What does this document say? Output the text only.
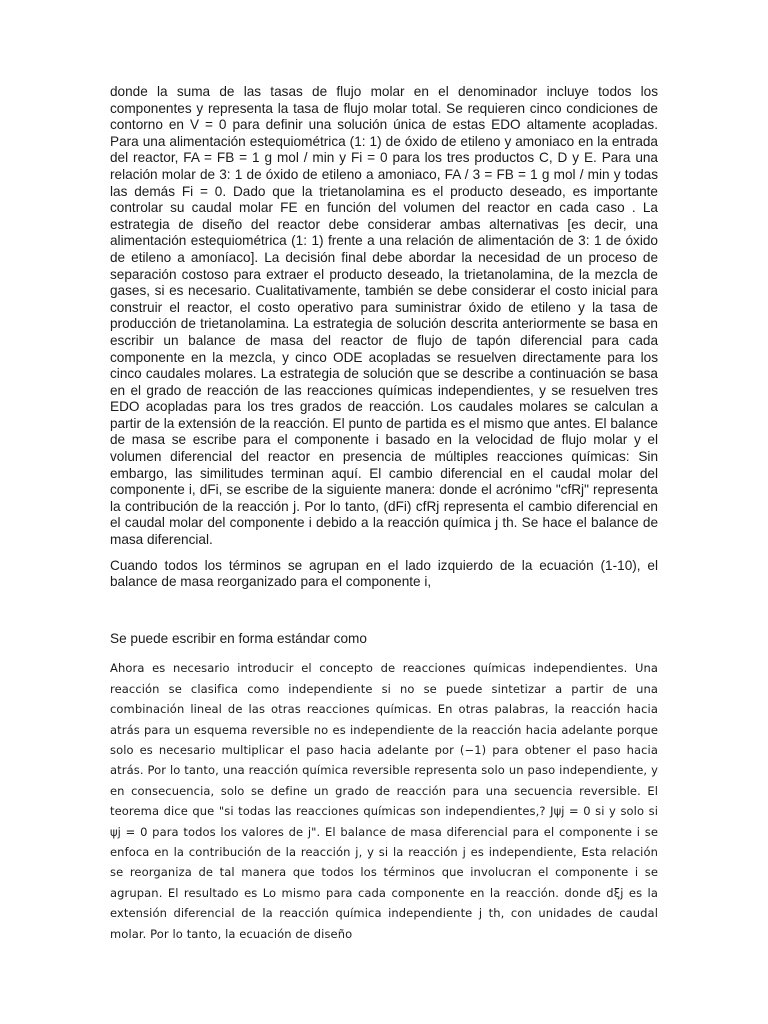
donde la suma de las tasas de flujo molar en el denominador incluye todos los componentes y representa la tasa de flujo molar total. Se requieren cinco condiciones de contorno en V = 0 para definir una solución única de estas EDO altamente acopladas. Para una alimentación estequiométrica (1: 1) de óxido de etileno y amoniaco en la entrada del reactor, FA = FB = 1 g mol / min y Fi = 0 para los tres productos C, D y E. Para una relación molar de 3: 1 de óxido de etileno a amoniaco, FA / 3 = FB = 1 g mol / min y todas las demás Fi = 0. Dado que la trietanolamina es el producto deseado, es importante controlar su caudal molar FE en función del volumen del reactor en cada caso . La estrategia de diseño del reactor debe considerar ambas alternativas [es decir, una alimentación estequiométrica (1: 1) frente a una relación de alimentación de 3: 1 de óxido de etileno a amoníaco]. La decisión final debe abordar la necesidad de un proceso de separación costoso para extraer el producto deseado, la trietanolamina, de la mezcla de gases, si es necesario. Cualitativamente, también se debe considerar el costo inicial para construir el reactor, el costo operativo para suministrar óxido de etileno y la tasa de producción de trietanolamina. La estrategia de solución descrita anteriormente se basa en escribir un balance de masa del reactor de flujo de tapón diferencial para cada componente en la mezcla, y cinco ODE acopladas se resuelven directamente para los cinco caudales molares. La estrategia de solución que se describe a continuación se basa en el grado de reacción de las reacciones químicas independientes, y se resuelven tres EDO acopladas para los tres grados de reacción. Los caudales molares se calculan a partir de la extensión de la reacción. El punto de partida es el mismo que antes. El balance de masa se escribe para el componente i basado en la velocidad de flujo molar y el volumen diferencial del reactor en presencia de múltiples reacciones químicas: Sin embargo, las similitudes terminan aquí. El cambio diferencial en el caudal molar del componente i, dFi, se escribe de la siguiente manera: donde el acrónimo "cfRj" representa la contribución de la reacción j. Por lo tanto, (dFi) cfRj representa el cambio diferencial en el caudal molar del componente i debido a la reacción química j th. Se hace el balance de masa diferencial.

Cuando todos los términos se agrupan en el lado izquierdo de la ecuación (1-10), el balance de masa reorganizado para el componente i,

Se puede escribir en forma estándar como

Ahora es necesario introducir el concepto de reacciones químicas independientes. Una reacción se clasifica como independiente si no se puede sintetizar a partir de una combinación lineal de las otras reacciones químicas. En otras palabras, la reacción hacia atrás para un esquema reversible no es independiente de la reacción hacia adelante porque solo es necesario multiplicar el paso hacia adelante por (−1) para obtener el paso hacia atrás. Por lo tanto, una reacción química reversible representa solo un paso independiente, y en consecuencia, solo se define un grado de reacción para una secuencia reversible. El teorema dice que "si todas las reacciones químicas son independientes,? Jψj = 0 si y solo si ψj = 0 para todos los valores de j". El balance de masa diferencial para el componente i se enfoca en la contribución de la reacción j, y si la reacción j es independiente, Esta relación se reorganiza de tal manera que todos los términos que involucran el componente i se agrupan. El resultado es Lo mismo para cada componente en la reacción. donde dξj es la extensión diferencial de la reacción química independiente j th, con unidades de caudal molar. Por lo tanto, la ecuación de diseño
